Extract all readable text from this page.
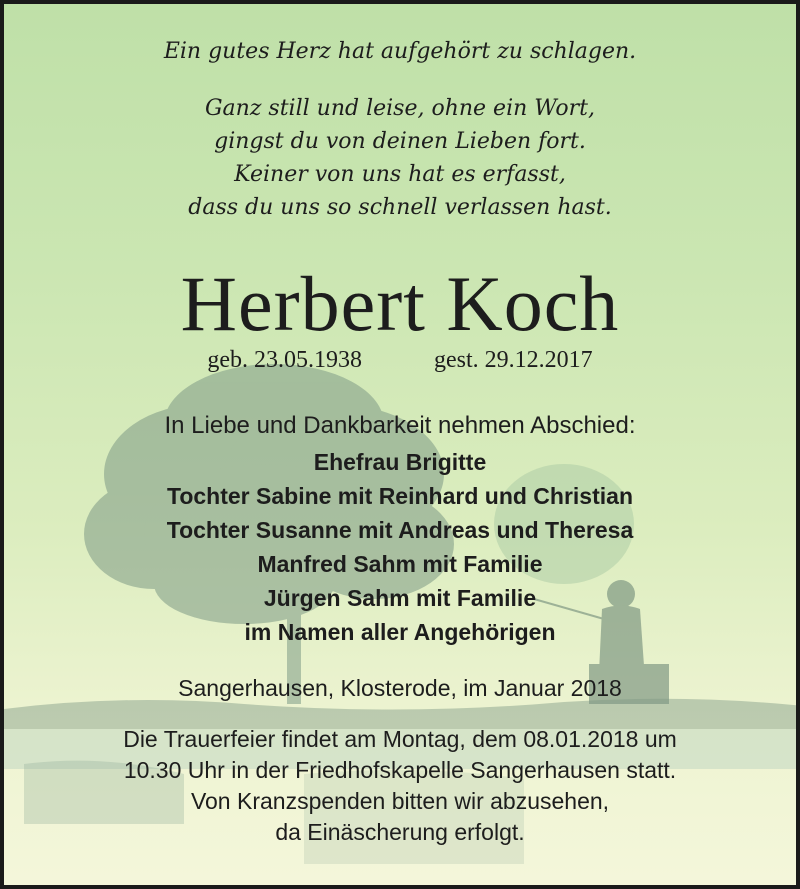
Ein gutes Herz hat aufgehört zu schlagen.
Ganz still und leise, ohne ein Wort,
gingst du von deinen Lieben fort.
Keiner von uns hat es erfasst,
dass du uns so schnell verlassen hast.
Herbert Koch
geb. 23.05.1938	gest. 29.12.2017
In Liebe und Dankbarkeit nehmen Abschied:
Ehefrau Brigitte
Tochter Sabine mit Reinhard und Christian
Tochter Susanne mit Andreas und Theresa
Manfred Sahm mit Familie
Jürgen Sahm mit Familie
im Namen aller Angehörigen
Sangerhausen, Klosterode, im Januar 2018
Die Trauerfeier findet am Montag, dem 08.01.2018 um
10.30 Uhr in der Friedhofskapelle Sangerhausen statt.
Von Kranzspenden bitten wir abzusehen,
da Einäscherung erfolgt.
